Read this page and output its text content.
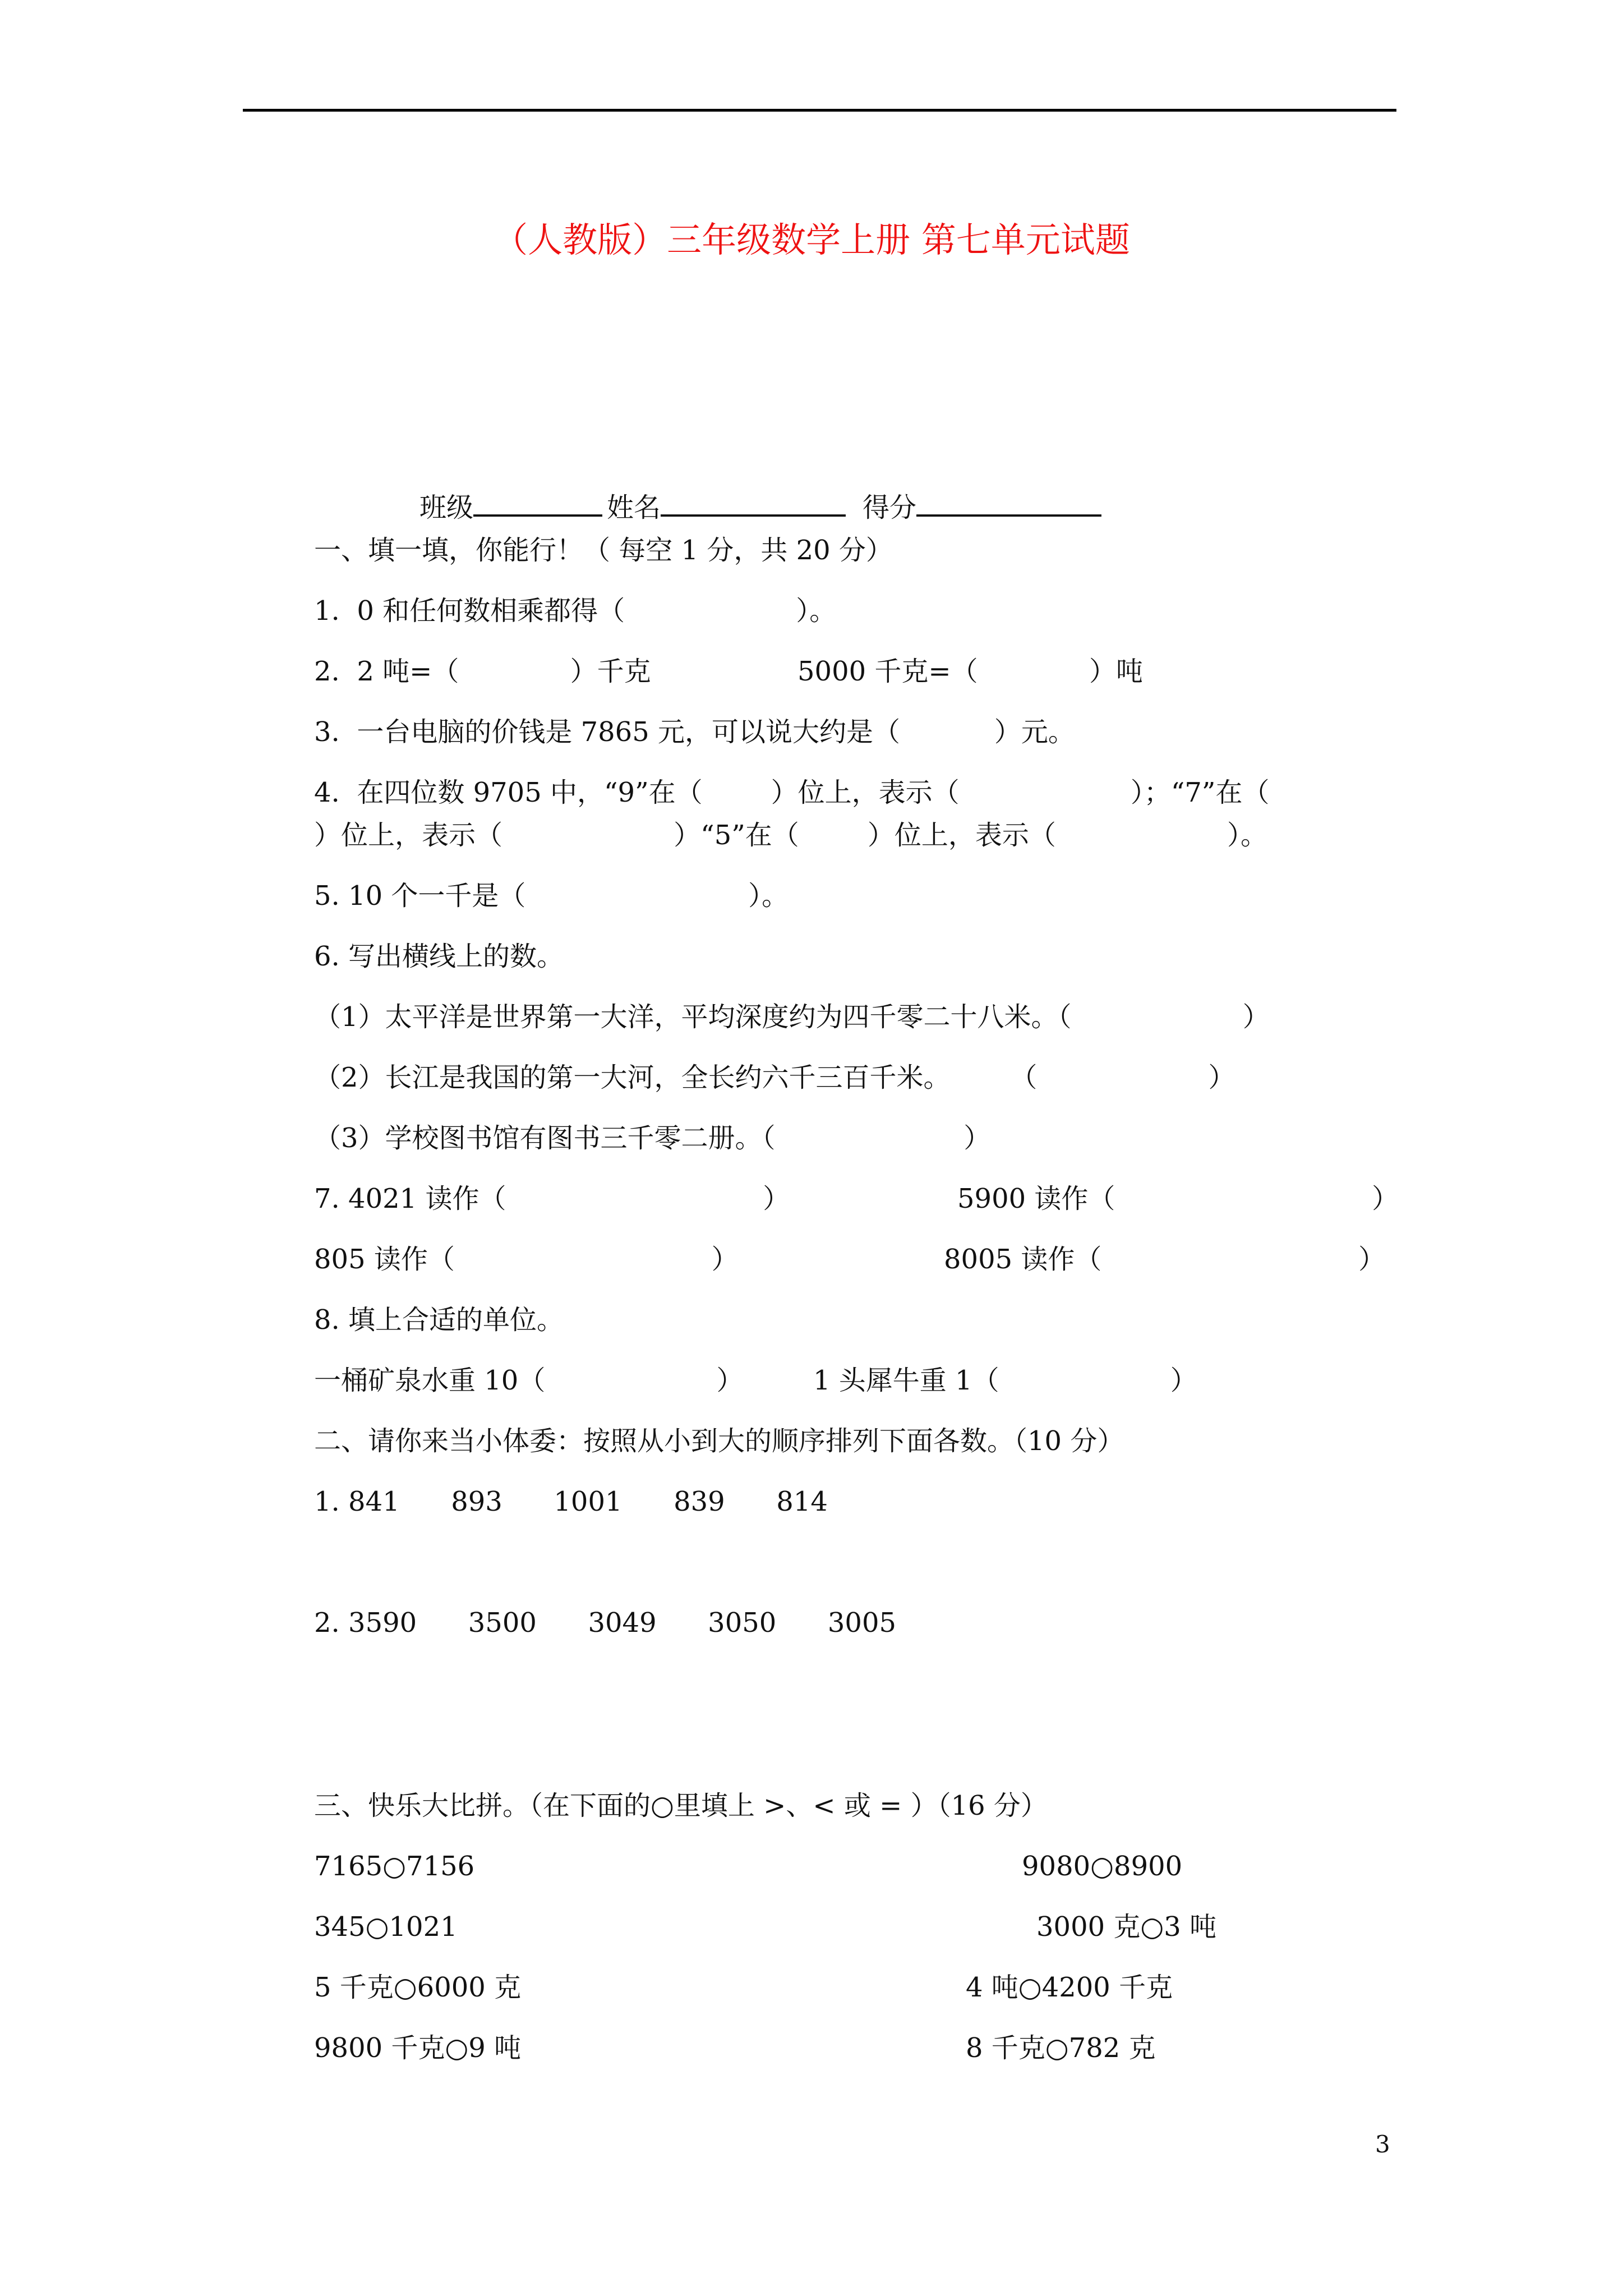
（人教版）三年级数学上册 第七单元试题
班级	姓名	得分
一、填一填，你能行！（ 每空 1 分，共 20 分）
1.  0 和任何数相乘都得（                    ）。
2.  2 吨=（             ）千克	5000 千克=（             ）吨
3.  一台电脑的价钱是 7865 元，可以说大约是（           ）元。
4.  在四位数 9705 中，“9”在（        ）位上，表示（                    ）；“7”在（
）位上，表示（                    ）“5”在（        ）位上，表示（                    ）。
5. 10 个一千是（                          ）。
6. 写出横线上的数。
（1）太平洋是世界第一大洋，平均深度约为四千零二十八米。（                    ）
（2）长江是我国的第一大河，全长约六千三百千米。       （                    ）
（3）学校图书馆有图书三千零二册。（                      ）
7. 4021 读作（                              ）	5900 读作（                              ）
805 读作（                              ）	8005 读作（                              ）
8. 填上合适的单位。
一桶矿泉水重 10（                    ）	1 头犀牛重 1（                    ）
二、请你来当小体委：按照从小到大的顺序排列下面各数。（10 分）
1. 841      893      1001      839      814
2. 3590      3500      3049      3050      3005
三、快乐大比拼。（在下面的○里填上 >、< 或 = ）（16 分）
7165○7156	9080○8900
345○1021	3000 克○3 吨
5 千克○6000 克	4 吨○4200 千克
9800 千克○9 吨	8 千克○782 克
3
